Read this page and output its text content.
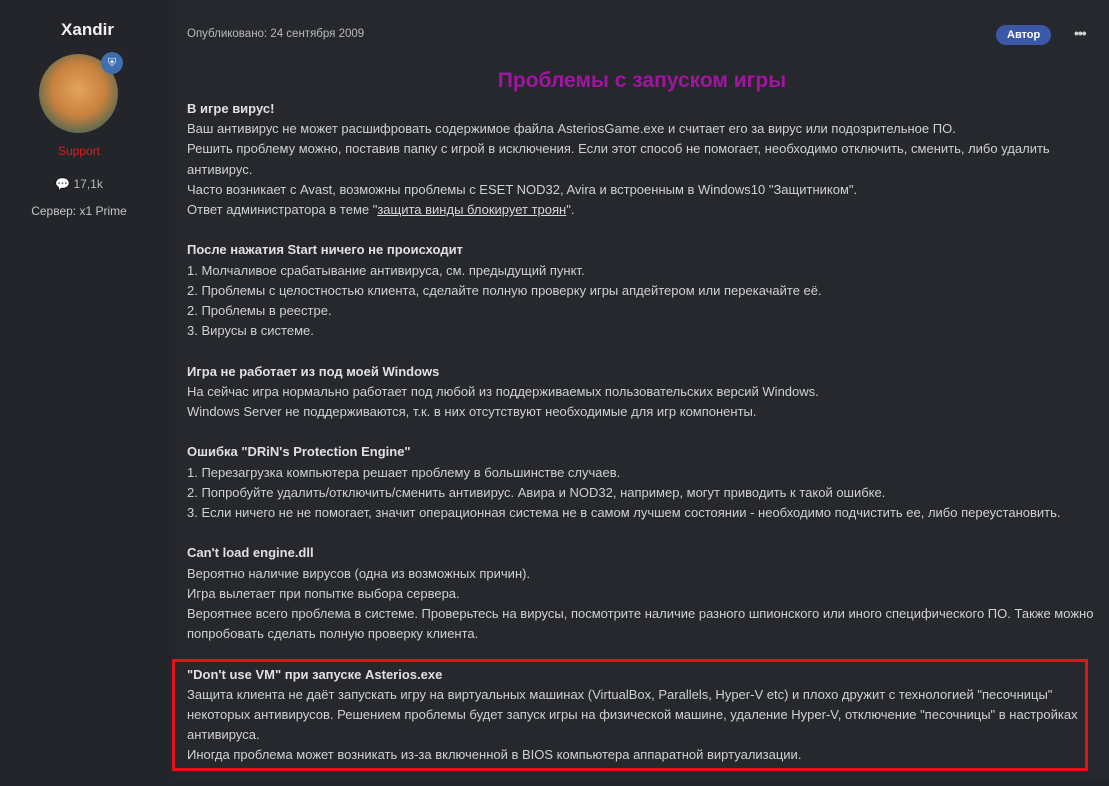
Xandir
⛨
Support
💬 17,1k
Сервер: x1 Prime
Опубликовано: 24 сентября 2009	Автор	•••
Проблемы с запуском игры

В игре вирус!
Ваш антивирус не может расшифровать содержимое файла AsteriosGame.exe и считает его за вирус или подозрительное ПО.
Решить проблему можно, поставив папку с игрой в исключения. Если этот способ не помогает, необходимо отключить, сменить, либо удалить антивирус.
Часто возникает с Avast, возможны проблемы с ESET NOD32, Avira и встроенным в Windows10 "Защитником".
Ответ администратора в теме "защита винды блокирует троян".

После нажатия Start ничего не происходит
1. Молчаливое срабатывание антивируса, см. предыдущий пункт.
2. Проблемы с целостностью клиента, сделайте полную проверку игры апдейтером или перекачайте её.
2. Проблемы в реестре.
3. Вирусы в системе.

Игра не работает из под моей Windows
На сейчас игра нормально работает под любой из поддерживаемых пользовательских версий Windows.
Windows Server не поддерживаются, т.к. в них отсутствуют необходимые для игр компоненты.

Ошибка "DRiN's Protection Engine"
1. Перезагрузка компьютера решает проблему в большинстве случаев.
2. Попробуйте удалить/отключить/сменить антивирус. Авира и NOD32, например, могут приводить к такой ошибке.
3. Если ничего не не помогает, значит операционная система не в самом лучшем состоянии - необходимо подчистить ее, либо переустановить.

Can't load engine.dll
Вероятно наличие вирусов (одна из возможных причин).
Игра вылетает при попытке выбора сервера.
Вероятнее всего проблема в системе. Проверьтесь на вирусы, посмотрите наличие разного шпионского или иного специфического ПО. Также можно попробовать сделать полную проверку клиента.

"Don't use VM" при запуске Asterios.exe
Защита клиента не даёт запускать игру на виртуальных машинах (VirtualBox, Parallels, Hyper-V etc) и плохо дружит с технологией "песочницы" некоторых антивирусов. Решением проблемы будет запуск игры на физической машине, удаление Hyper-V, отключение "песочницы" в настройках антивируса.
Иногда проблема может возникать из-за включенной в BIOS компьютера аппаратной виртуализации.
